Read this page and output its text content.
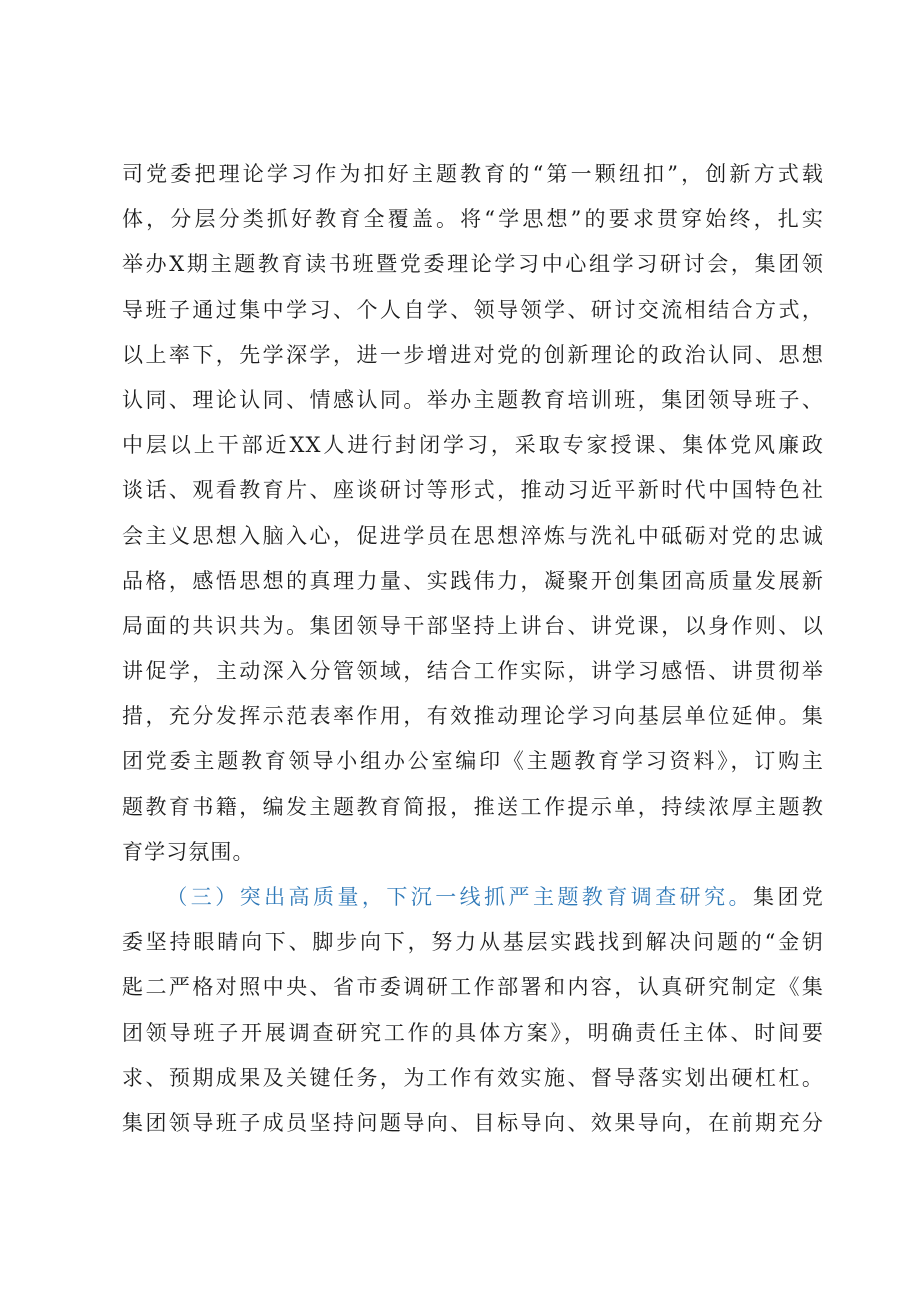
司党委把理论学习作为扣好主题教育的“第一颗纽扣”，创新方式载
体，分层分类抓好教育全覆盖。将“学思想”的要求贯穿始终，扎实
举办X期主题教育读书班暨党委理论学习中心组学习研讨会，集团领
导班子通过集中学习、个人自学、领导领学、研讨交流相结合方式，
以上率下，先学深学，进一步增进对党的创新理论的政治认同、思想
认同、理论认同、情感认同。举办主题教育培训班，集团领导班子、
中层以上干部近XX人进行封闭学习，采取专家授课、集体党风廉政
谈话、观看教育片、座谈研讨等形式，推动习近平新时代中国特色社
会主义思想入脑入心，促进学员在思想淬炼与洗礼中砥砺对党的忠诚
品格，感悟思想的真理力量、实践伟力，凝聚开创集团高质量发展新
局面的共识共为。集团领导干部坚持上讲台、讲党课，以身作则、以
讲促学，主动深入分管领域，结合工作实际，讲学习感悟、讲贯彻举
措，充分发挥示范表率作用，有效推动理论学习向基层单位延伸。集
团党委主题教育领导小组办公室编印《主题教育学习资料》，订购主
题教育书籍，编发主题教育简报，推送工作提示单，持续浓厚主题教
育学习氛围。
（三）突出高质量，下沉一线抓严主题教育调查研究。集团党
委坚持眼睛向下、脚步向下，努力从基层实践找到解决问题的“金钥
匙二严格对照中央、省市委调研工作部署和内容，认真研究制定《集
团领导班子开展调查研究工作的具体方案》，明确责任主体、时间要
求、预期成果及关键任务，为工作有效实施、督导落实划出硬杠杠。
集团领导班子成员坚持问题导向、目标导向、效果导向，在前期充分
